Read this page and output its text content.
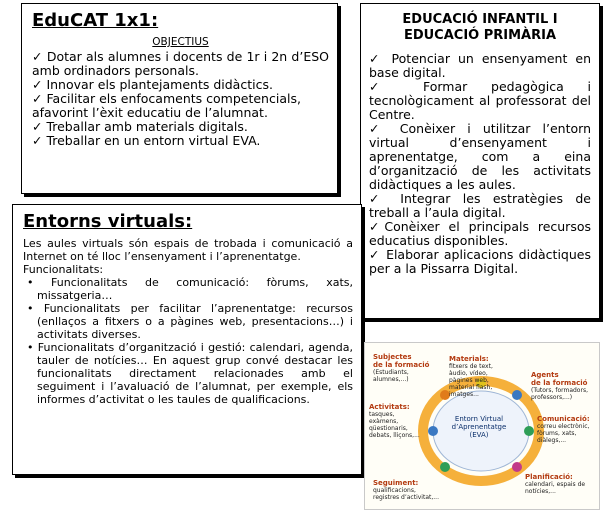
EduCAT 1x1:
OBJECTIUS
✓ Dotar als alumnes i docents de 1r i 2n d’ESO amb ordinadors personals.
✓ Innovar els plantejaments didàctics.
✓ Facilitar els enfocaments competencials, afavorint l’èxit educatiu de l’alumnat.
✓ Treballar amb materials digitals.
✓ Treballar en un entorn virtual EVA.
EDUCACIÓ INFANTIL I
EDUCACIÓ PRIMÀRIA
✓ Potenciar un ensenyament en base digital.
✓ Formar pedagògica i tecnològicament al professorat del Centre.
✓ Conèixer i utilitzar l’entorn virtual d’ensenyament i aprenentatge, com a eina d’organització de les activitats didàctiques a les aules.
✓ Integrar les estratègies de treball a l’aula digital.
✓Conèixer el principals recursos educatius disponibles.
✓ Elaborar aplicacions didàctiques per a la Pissarra Digital.
Entorns virtuals:
Les aules virtuals són espais de trobada i comunicació a Internet on té lloc l’ensenyament i l’aprenentatge.
Funcionalitats:
• Funcionalitats de comunicació: fòrums, xats, missatgeria…
• Funcionalitats per facilitar l’aprenentatge: recursos (enllaços a fitxers o a pàgines web, presentacions…) i activitats diverses.
• Funcionalitats d’organització i gestió: calendari, agenda, tauler de notícies… En aquest grup convé destacar les funcionalitats directament relacionades amb el seguiment i l’avaluació de l’alumnat, per exemple, els informes d’activitat o les taules de qualificacions.
Subjectes
de la formació
(Estudiants, alumnes,...)
Materials:
fitxers de text, àudio, vídeo, pàgines web, material flash, imatges...
Agents
de la formació
(Tutors, formadors, professors,...)
Activitats:
tasques, exàmens, qüestionaris, debats, lliçons,...
Comunicació:
correu electrònic, fòrums, xats, diàlegs,...
Entorn Virtual
d’Aprenentatge
(EVA)
Seguiment:
qualificacions, registres d’activitat,...
Planificació:
calendari, espais de notícies,...
